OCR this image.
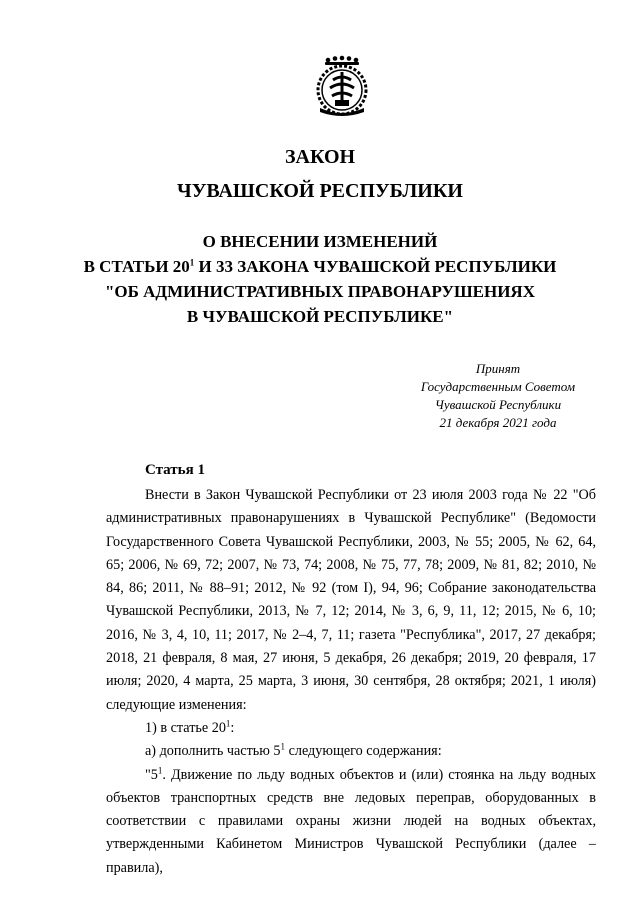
ЗАКОН
ЧУВАШСКОЙ РЕСПУБЛИКИ
О ВНЕСЕНИИ ИЗМЕНЕНИЙ
В СТАТЬИ $20^1$ И 33 ЗАКОНА ЧУВАШСКОЙ РЕСПУБЛИКИ
"ОБ АДМИНИСТРАТИВНЫХ ПРАВОНАРУШЕНИЯХ
В ЧУВАШСКОЙ РЕСПУБЛИКЕ"
Принят
Государственным Советом
Чувашской Республики
21 декабря 2021 года
Статья 1

Внести в Закон Чувашской Республики от 23 июля 2003 года № 22 "Об административных правонарушениях в Чувашской Республике" (Ведомости Государственного Совета Чувашской Республики, 2003, № 55; 2005, № 62, 64, 65; 2006, № 69, 72; 2007, № 73, 74; 2008, № 75, 77, 78; 2009, № 81, 82; 2010, № 84, 86; 2011, № 88–91; 2012, № 92 (том I), 94, 96; Собрание законодательства Чувашской Республики, 2013, № 7, 12; 2014, № 3, 6, 9, 11, 12; 2015, № 6, 10; 2016, № 3, 4, 10, 11; 2017, № 2–4, 7, 11; газета "Республика", 2017, 27 декабря; 2018, 21 февраля, 8 мая, 27 июня, 5 декабря, 26 декабря; 2019, 20 февраля, 17 июля; 2020, 4 марта, 25 марта, 3 июня, 30 сентября, 28 октября; 2021, 1 июля) следующие изменения:

1) в статье $20^1$:

а) дополнить частью $5^1$ следующего содержания:

"$5^1$. Движение по льду водных объектов и (или) стоянка на льду водных объектов транспортных средств вне ледовых переправ, оборудованных в соответствии с правилами охраны жизни людей на водных объектах, утвержденными Кабинетом Министров Чувашской Республики (далее – правила),
